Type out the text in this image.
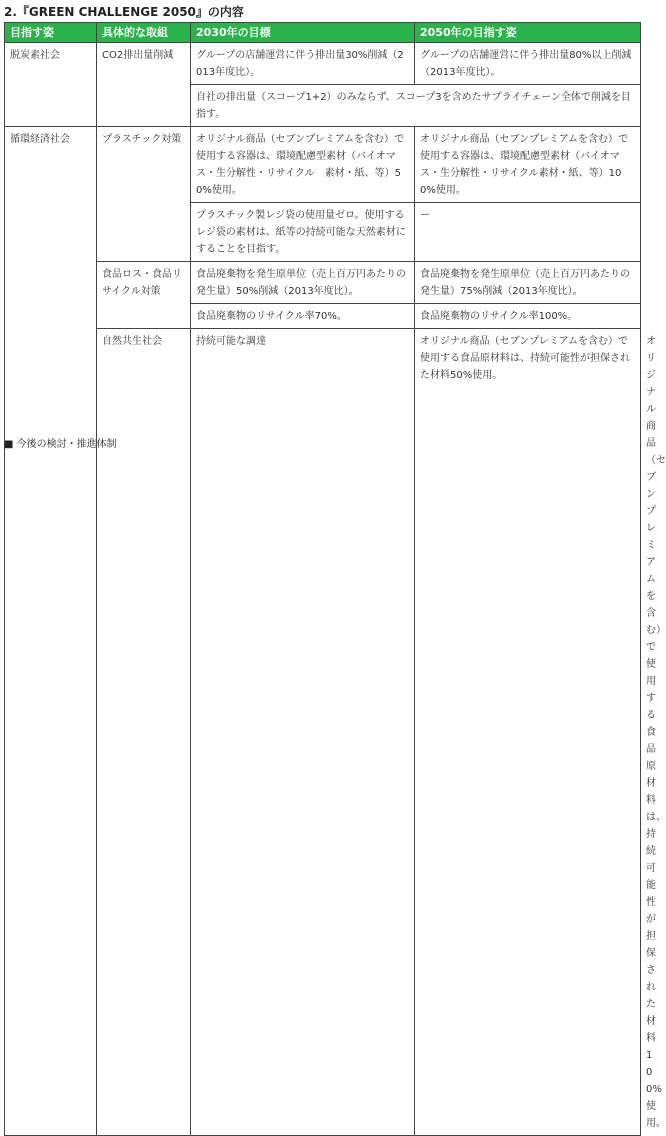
2.『GREEN CHALLENGE 2050』の内容
目指す姿	具体的な取組	2030年の目標	2050年の目指す姿	
脱炭素社会	CO2排出量削減	グループの店舗運営に伴う排出量30%削減（2013年度比）。	グループの店舗運営に伴う排出量80%以上削減（2013年度比）。	
		自社の排出量（スコープ1+2）のみならず、スコープ3を含めたサプライチェーン全体で削減を目指す。		
循環経済社会	プラスチック対策	オリジナル商品（セブンプレミアムを含む）で使用する容器は、環境配慮型素材（バイオマス・生分解性・リサイクル　素材・紙、等）50%使用。	オリジナル商品（セブンプレミアムを含む）で使用する容器は、環境配慮型素材（バイオマス・生分解性・リサイクル素材・紙、等）100%使用。	
		プラスチック製レジ袋の使用量ゼロ。使用するレジ袋の素材は、紙等の持続可能な天然素材にすることを目指す。	ー	
	食品ロス・食品リサイクル対策	食品廃棄物を発生原単位（売上百万円あたりの発生量）50%削減（2013年度比）。	食品廃棄物を発生原単位（売上百万円あたりの発生量）75%削減（2013年度比）。	
		食品廃棄物のリサイクル率70%。	食品廃棄物のリサイクル率100%。	
	自然共生社会	持続可能な調達	オリジナル商品（セブンプレミアムを含む）で使用する食品原材料は、持続可能性が担保された材料50%使用。	オリジナル商品（セブンプレミアムを含む）で使用する食品原材料は、持続可能性が担保された材料100%使用。
■ 今後の検討・推進体制
